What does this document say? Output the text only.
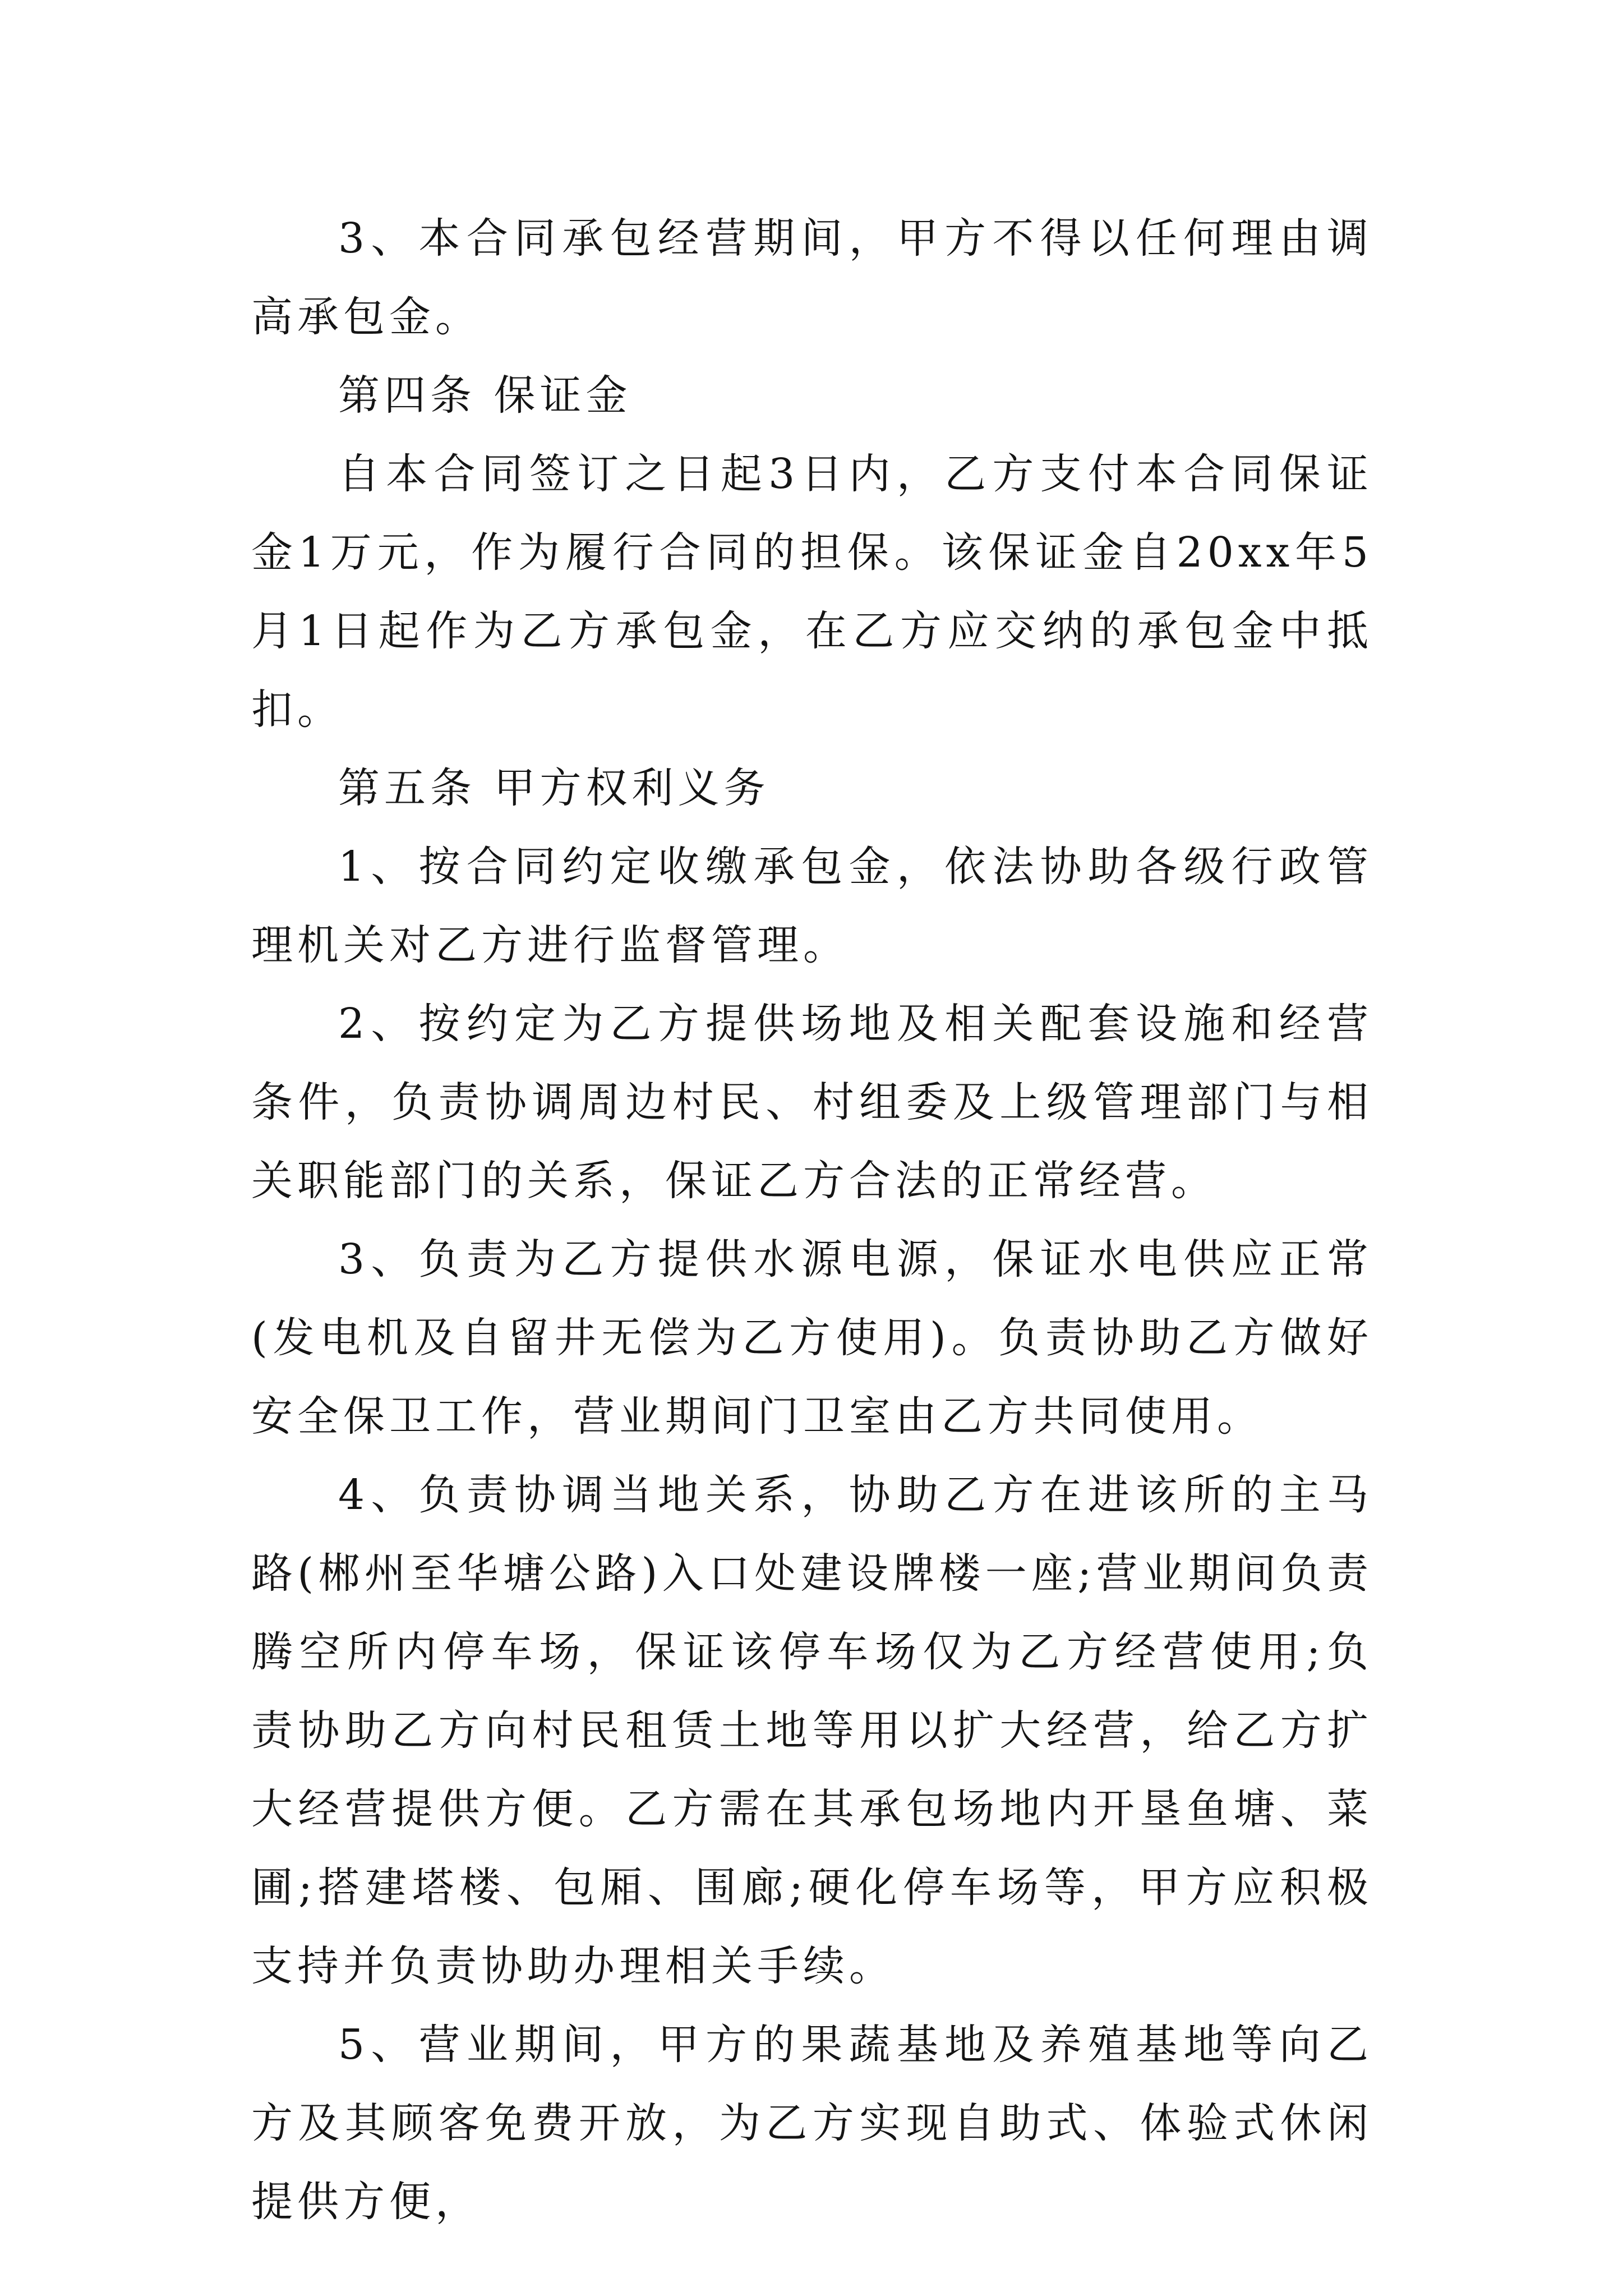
3、本合同承包经营期间，甲方不得以任何理由调高承包金。

第四条 保证金

自本合同签订之日起3日内，乙方支付本合同保证金1万元，作为履行合同的担保。该保证金自20xx年5月1日起作为乙方承包金，在乙方应交纳的承包金中抵扣。

第五条 甲方权利义务

1、按合同约定收缴承包金，依法协助各级行政管理机关对乙方进行监督管理。

2、按约定为乙方提供场地及相关配套设施和经营条件，负责协调周边村民、村组委及上级管理部门与相关职能部门的关系，保证乙方合法的正常经营。

3、负责为乙方提供水源电源，保证水电供应正常(发电机及自留井无偿为乙方使用)。负责协助乙方做好安全保卫工作，营业期间门卫室由乙方共同使用。

4、负责协调当地关系，协助乙方在进该所的主马路(郴州至华塘公路)入口处建设牌楼一座;营业期间负责腾空所内停车场，保证该停车场仅为乙方经营使用;负责协助乙方向村民租赁土地等用以扩大经营，给乙方扩大经营提供方便。乙方需在其承包场地内开垦鱼塘、菜圃;搭建塔楼、包厢、围廊;硬化停车场等，甲方应积极支持并负责协助办理相关手续。

5、营业期间，甲方的果蔬基地及养殖基地等向乙方及其顾客免费开放，为乙方实现自助式、体验式休闲提供方便，
